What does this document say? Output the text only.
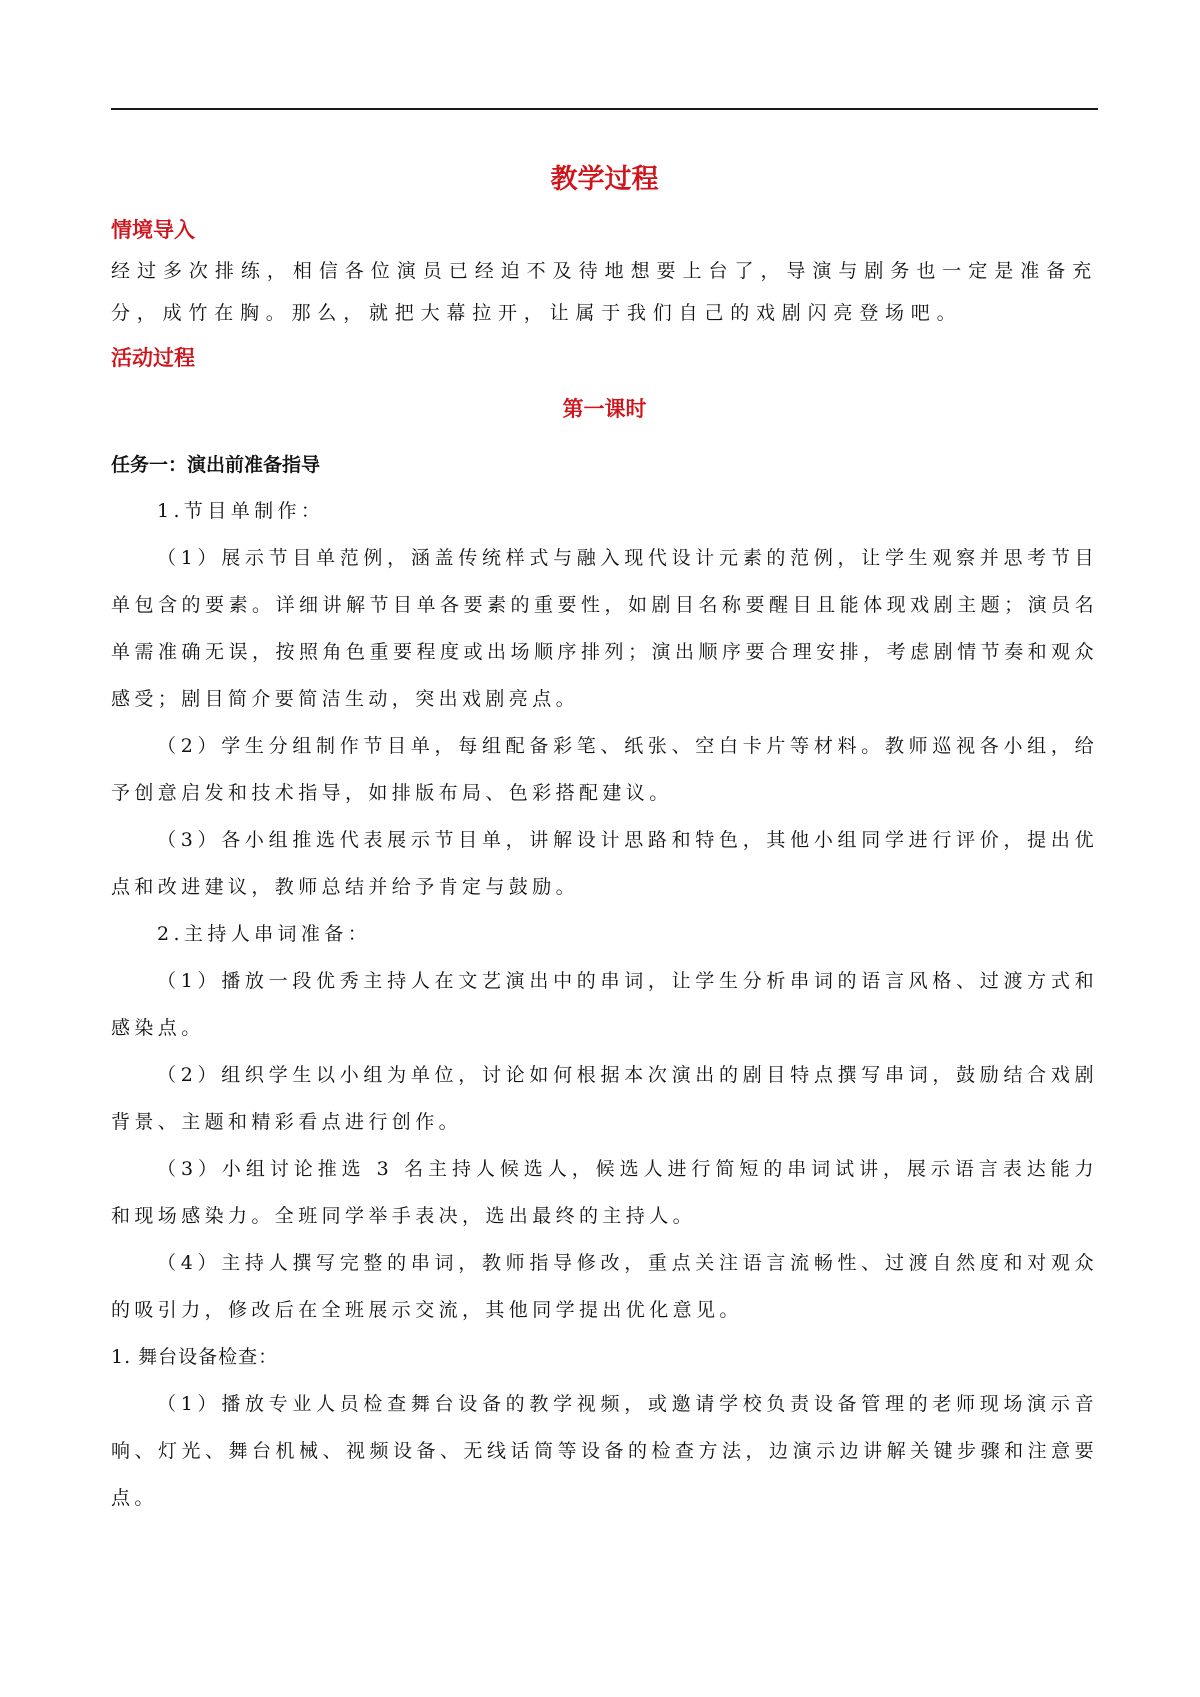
教学过程
情境导入

经过多次排练，相信各位演员已经迫不及待地想要上台了，导演与剧务也一定是准备充分，成竹在胸。那么，就把大幕拉开，让属于我们自己的戏剧闪亮登场吧。

活动过程
第一课时
任务一：演出前准备指导

1.节目单制作：

（1）展示节目单范例，涵盖传统样式与融入现代设计元素的范例，让学生观察并思考节目单包含的要素。详细讲解节目单各要素的重要性，如剧目名称要醒目且能体现戏剧主题；演员名单需准确无误，按照角色重要程度或出场顺序排列；演出顺序要合理安排，考虑剧情节奏和观众感受；剧目简介要简洁生动，突出戏剧亮点。

（2）学生分组制作节目单，每组配备彩笔、纸张、空白卡片等材料。教师巡视各小组，给予创意启发和技术指导，如排版布局、色彩搭配建议。

（3）各小组推选代表展示节目单，讲解设计思路和特色，其他小组同学进行评价，提出优点和改进建议，教师总结并给予肯定与鼓励。

2.主持人串词准备：

（1）播放一段优秀主持人在文艺演出中的串词，让学生分析串词的语言风格、过渡方式和感染点。

（2）组织学生以小组为单位，讨论如何根据本次演出的剧目特点撰写串词，鼓励结合戏剧背景、主题和精彩看点进行创作。

（3）小组讨论推选 3 名主持人候选人，候选人进行简短的串词试讲，展示语言表达能力和现场感染力。全班同学举手表决，选出最终的主持人。

（4）主持人撰写完整的串词，教师指导修改，重点关注语言流畅性、过渡自然度和对观众的吸引力，修改后在全班展示交流，其他同学提出优化意见。

1. 舞台设备检查：

（1）播放专业人员检查舞台设备的教学视频，或邀请学校负责设备管理的老师现场演示音响、灯光、舞台机械、视频设备、无线话筒等设备的检查方法，边演示边讲解关键步骤和注意要点。
